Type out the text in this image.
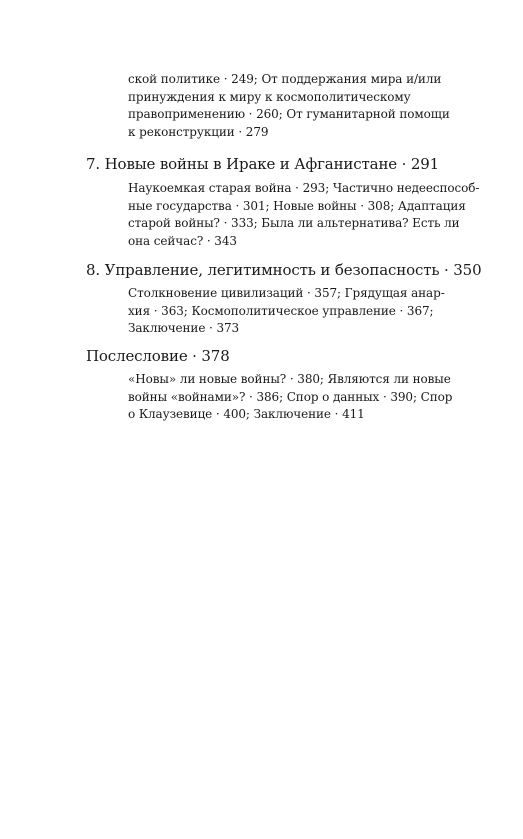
ской политике · 249; От поддержания мира и/или
принуждения к миру к космополитическому
правоприменению · 260; От гуманитарной помощи
к реконструкции · 279
7. Новые войны в Ираке и Афганистане · 291
Наукоемкая старая война · 293; Частично недееспособ-
ные государства · 301; Новые войны · 308; Адаптация
старой войны? · 333; Была ли альтернатива? Есть ли
она сейчас? · 343
8. Управление, легитимность и безопасность · 350
Столкновение цивилизаций · 357; Грядущая анар-
хия · 363; Космополитическое управление · 367;
Заключение · 373
Послесловие · 378
«Новы» ли новые войны? · 380; Являются ли новые
войны «войнами»? · 386; Спор о данных · 390; Спор
о Клаузевице · 400; Заключение · 411
